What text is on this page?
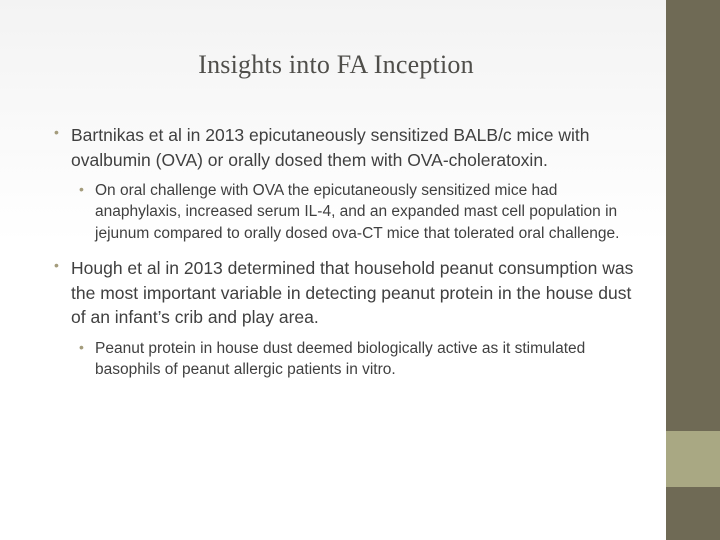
Insights into FA Inception
• Bartnikas et al in 2013 epicutaneously sensitized BALB/c mice with ovalbumin (OVA) or orally dosed them with OVA-choleratoxin.
• On oral challenge with OVA the epicutaneously sensitized mice had anaphylaxis, increased serum IL-4, and an expanded mast cell population in jejunum compared to orally dosed ova-CT mice that tolerated oral challenge.
• Hough et al in 2013 determined that household peanut consumption was the most important variable in detecting peanut protein in the house dust of an infant’s crib and play area.
• Peanut protein in house dust deemed biologically active as it stimulated basophils of peanut allergic patients in vitro.
